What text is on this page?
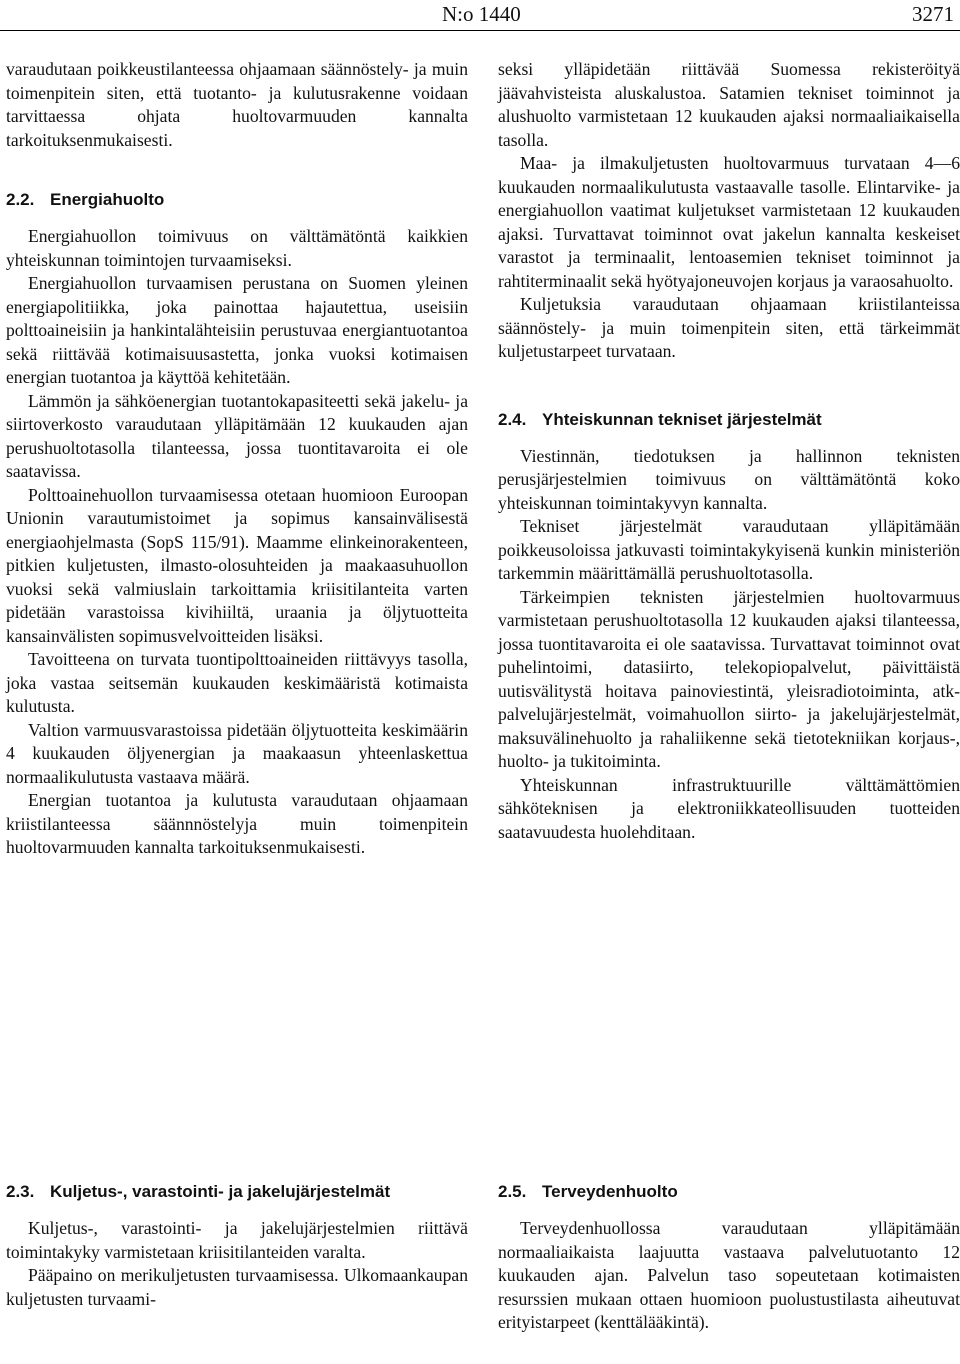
N:o 1440	3271

varaudutaan poikkeustilanteessa ohjaamaan säännöstely- ja muin toimenpitein siten, että tuotanto- ja kulutusrakenne voidaan tarvittaessa ohjata huoltovarmuuden kannalta tarkoituksenmukaisesti.

2.2. Energiahuolto

Energiahuollon toimivuus on välttämätöntä kaikkien yhteiskunnan toimintojen turvaamiseksi.

Energiahuollon turvaamisen perustana on Suomen yleinen energiapolitiikka, joka painottaa hajautettua, useisiin polttoaineisiin ja hankintalähteisiin perustuvaa energiantuotantoa sekä riittävää kotimaisuusastetta, jonka vuoksi kotimaisen energian tuotantoa ja käyttöä kehitetään.

Lämmön ja sähköenergian tuotantokapasiteetti sekä jakelu- ja siirtoverkosto varaudutaan ylläpitämään 12 kuukauden ajan perushuoltotasolla tilanteessa, jossa tuontitavaroita ei ole saatavissa.

Polttoainehuollon turvaamisessa otetaan huomioon Euroopan Unionin varautumistoimet ja sopimus kansainvälisestä energiaohjelmasta (SopS 115/91). Maamme elinkeinorakenteen, pitkien kuljetusten, ilmasto-olosuhteiden ja maakaasuhuollon vuoksi sekä valmiuslain tarkoittamia kriisitilanteita varten pidetään varastoissa kivihiiltä, uraania ja öljytuotteita kansainvälisten sopimusvelvoitteiden lisäksi.

Tavoitteena on turvata tuontipolttoaineiden riittävyys tasolla, joka vastaa seitsemän kuukauden keskimääristä kotimaista kulutusta.

Valtion varmuusvarastoissa pidetään öljytuotteita keskimäärin 4 kuukauden öljyenergian ja maakaasun yhteenlaskettua normaalikulutusta vastaava määrä.

Energian tuotantoa ja kulutusta varaudutaan ohjaamaan kriistilanteessa säännnöstelyja muin toimenpitein huoltovarmuuden kannalta tarkoituksenmukaisesti.

seksi ylläpidetään riittävää Suomessa rekisteröityä jäävahvisteista aluskalustoa. Satamien tekniset toiminnot ja alushuolto varmistetaan 12 kuukauden ajaksi normaaliaikaisella tasolla.

Maa- ja ilmakuljetusten huoltovarmuus turvataan 4—6 kuukauden normaalikulutusta vastaavalle tasolle. Elintarvike- ja energiahuollon vaatimat kuljetukset varmistetaan 12 kuukauden ajaksi. Turvattavat toiminnot ovat jakelun kannalta keskeiset varastot ja terminaalit, lentoasemien tekniset toiminnot ja rahtiterminaalit sekä hyötyajoneuvojen korjaus ja varaosahuolto.

Kuljetuksia varaudutaan ohjaamaan kriistilanteissa säännöstely- ja muin toimenpitein siten, että tärkeimmät kuljetustarpeet turvataan.

2.4. Yhteiskunnan tekniset järjestelmät

Viestinnän, tiedotuksen ja hallinnon teknisten perusjärjestelmien toimivuus on välttämätöntä koko yhteiskunnan toimintakyvyn kannalta.

Tekniset järjestelmät varaudutaan ylläpitämään poikkeusoloissa jatkuvasti toimintakykyisenä kunkin ministeriön tarkemmin määrittämällä perushuoltotasolla.

Tärkeimpien teknisten järjestelmien huoltovarmuus varmistetaan perushuoltotasolla 12 kuukauden ajaksi tilanteessa, jossa tuontitavaroita ei ole saatavissa. Turvattavat toiminnot ovat puhelintoimi, datasiirto, telekopiopalvelut, päivittäistä uutisvälitystä hoitava painoviestintä, yleisradiotoiminta, atk-palvelujärjestelmät, voimahuollon siirto- ja jakelujärjestelmät, maksuvälinehuolto ja rahaliikenne sekä tietotekniikan korjaus-, huolto- ja tukitoiminta.

Yhteiskunnan infrastruktuurille välttämättömien sähköteknisen ja elektroniikkateollisuuden tuotteiden saatavuudesta huolehditaan.

2.3. Kuljetus-, varastointi- ja jakelujärjestelmät

Kuljetus-, varastointi- ja jakelujärjestelmien riittävä toimintakyky varmistetaan kriisitilanteiden varalta.

Pääpaino on merikuljetusten turvaamisessa. Ulkomaankaupan kuljetusten turvaami-

2.5. Terveydenhuolto

Terveydenhuollossa varaudutaan ylläpitämään normaaliaikaista laajuutta vastaava palvelutuotanto 12 kuukauden ajan. Palvelun taso sopeutetaan kotimaisten resurssien mukaan ottaen huomioon puolustustilasta aiheutuvat erityistarpeet (kenttälääkintä).
